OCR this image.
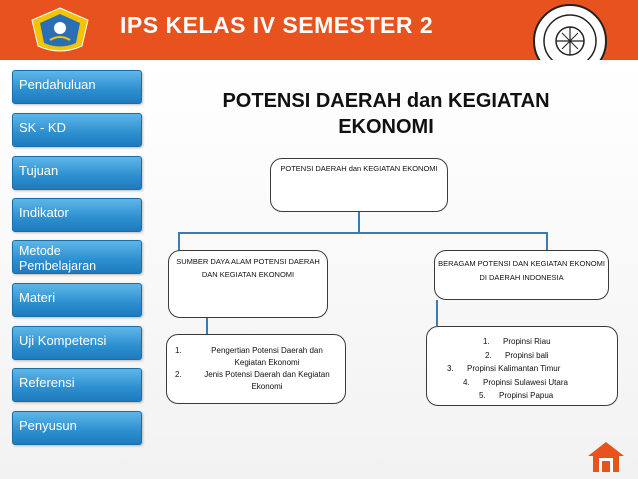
IPS KELAS IV SEMESTER 2
Pendahuluan
SK - KD
Tujuan
Indikator
Metode Pembelajaran
Materi
Uji Kompetensi
Referensi
Penyusun
POTENSI DAERAH dan KEGIATAN EKONOMI
POTENSI DAERAH dan KEGIATAN EKONOMI
SUMBER DAYA ALAM POTENSI DAERAH DAN KEGIATAN EKONOMI
BERAGAM POTENSI DAN KEGIATAN EKONOMI DI DAERAH INDONESIA
1.	Pengertian Potensi Daerah dan Kegiatan Ekonomi
2.	Jenis Potensi Daerah dan Kegiatan Ekonomi
1.	Propinsi Riau
2.	Propinsi bali
3.	Propinsi Kalimantan Timur
4.	Propinsi Sulawesi Utara
5.	Propinsi Papua
